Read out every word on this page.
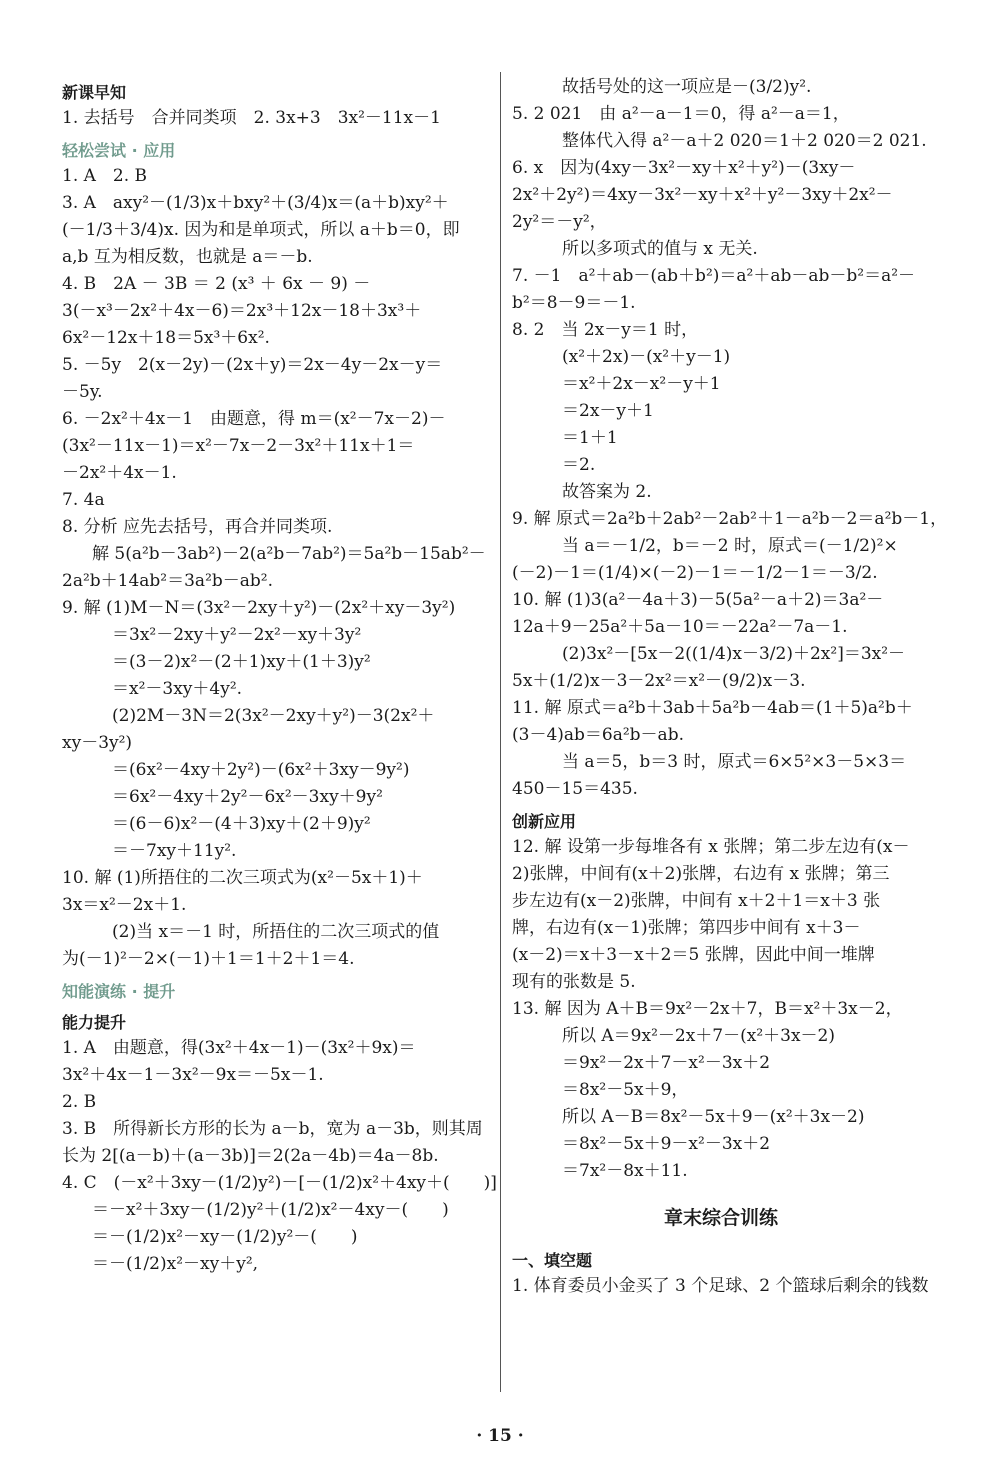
新课早知
1. 去括号　合并同类项　2. 3x+3　3x²－11x－1
轻松尝试 · 应用
1. A　2. B
3. A　axy²－(1/3)x＋bxy²＋(3/4)x＝(a＋b)xy²＋
(－1/3＋3/4)x. 因为和是单项式，所以 a＋b＝0，即
a,b 互为相反数，也就是 a＝－b.
4. B　2A － 3B ＝ 2 (x³ ＋ 6x － 9) －
3(－x³－2x²＋4x－6)＝2x³＋12x－18＋3x³＋
6x²－12x＋18＝5x³＋6x².
5. －5y　2(x－2y)－(2x＋y)＝2x－4y－2x－y＝
－5y.
6. －2x²＋4x－1　由题意，得 m＝(x²－7x－2)－
(3x²－11x－1)＝x²－7x－2－3x²＋11x＋1＝
－2x²＋4x－1.
7. 4a
8. 分析 应先去括号，再合并同类项.
解 5(a²b－3ab²)－2(a²b－7ab²)＝5a²b－15ab²－
2a²b＋14ab²＝3a²b－ab².
9. 解 (1)M－N＝(3x²－2xy＋y²)－(2x²＋xy－3y²)
＝3x²－2xy＋y²－2x²－xy＋3y²
＝(3－2)x²－(2＋1)xy＋(1＋3)y²
＝x²－3xy＋4y².
(2)2M－3N＝2(3x²－2xy＋y²)－3(2x²＋
xy－3y²)
＝(6x²－4xy＋2y²)－(6x²＋3xy－9y²)
＝6x²－4xy＋2y²－6x²－3xy＋9y²
＝(6－6)x²－(4＋3)xy＋(2＋9)y²
＝－7xy＋11y².
10. 解 (1)所捂住的二次三项式为(x²－5x＋1)＋
3x＝x²－2x＋1.
(2)当 x＝－1 时，所捂住的二次三项式的值
为(－1)²－2×(－1)＋1＝1＋2＋1＝4.
知能演练 · 提升
能力提升
1. A　由题意，得(3x²＋4x－1)－(3x²＋9x)＝
3x²＋4x－1－3x²－9x＝－5x－1.
2. B
3. B　所得新长方形的长为 a－b，宽为 a－3b，则其周
长为 2[(a－b)＋(a－3b)]＝2(2a－4b)＝4a－8b.
4. C　(－x²＋3xy－(1/2)y²)－[－(1/2)x²＋4xy＋(　　)]
＝－x²＋3xy－(1/2)y²＋(1/2)x²－4xy－(　　)
＝－(1/2)x²－xy－(1/2)y²－(　　)
＝－(1/2)x²－xy＋y²,
故括号处的这一项应是－(3/2)y².
5. 2 021　由 a²－a－1＝0，得 a²－a＝1，
整体代入得 a²－a＋2 020＝1＋2 020＝2 021.
6. x　因为(4xy－3x²－xy＋x²＋y²)－(3xy－
2x²＋2y²)＝4xy－3x²－xy＋x²＋y²－3xy＋2x²－
2y²＝－y²，
所以多项式的值与 x 无关.
7. －1　a²＋ab－(ab＋b²)＝a²＋ab－ab－b²＝a²－
b²＝8－9＝－1.
8. 2　当 2x－y＝1 时，
(x²＋2x)－(x²＋y－1)
＝x²＋2x－x²－y＋1
＝2x－y＋1
＝1＋1
＝2.
故答案为 2.
9. 解 原式＝2a²b＋2ab²－2ab²＋1－a²b－2＝a²b－1，
当 a＝－1/2，b＝－2 时，原式＝(－1/2)²×
(－2)－1＝(1/4)×(－2)－1＝－1/2－1＝－3/2.
10. 解 (1)3(a²－4a＋3)－5(5a²－a＋2)＝3a²－
12a＋9－25a²＋5a－10＝－22a²－7a－1.
(2)3x²－[5x－2((1/4)x－3/2)＋2x²]＝3x²－
5x＋(1/2)x－3－2x²＝x²－(9/2)x－3.
11. 解 原式＝a²b＋3ab＋5a²b－4ab＝(1＋5)a²b＋
(3－4)ab＝6a²b－ab.
当 a＝5，b＝3 时，原式＝6×5²×3－5×3＝
450－15＝435.
创新应用
12. 解 设第一步每堆各有 x 张牌；第二步左边有(x－
2)张牌，中间有(x＋2)张牌，右边有 x 张牌；第三
步左边有(x－2)张牌，中间有 x＋2＋1＝x＋3 张
牌，右边有(x－1)张牌；第四步中间有 x＋3－
(x－2)＝x＋3－x＋2＝5 张牌，因此中间一堆牌
现有的张数是 5.
13. 解 因为 A＋B＝9x²－2x＋7，B＝x²＋3x－2，
所以 A＝9x²－2x＋7－(x²＋3x－2)
＝9x²－2x＋7－x²－3x＋2
＝8x²－5x＋9，
所以 A－B＝8x²－5x＋9－(x²＋3x－2)
＝8x²－5x＋9－x²－3x＋2
＝7x²－8x＋11.
章末综合训练
一、填空题
1. 体育委员小金买了 3 个足球、2 个篮球后剩余的钱数
· 15 ·
